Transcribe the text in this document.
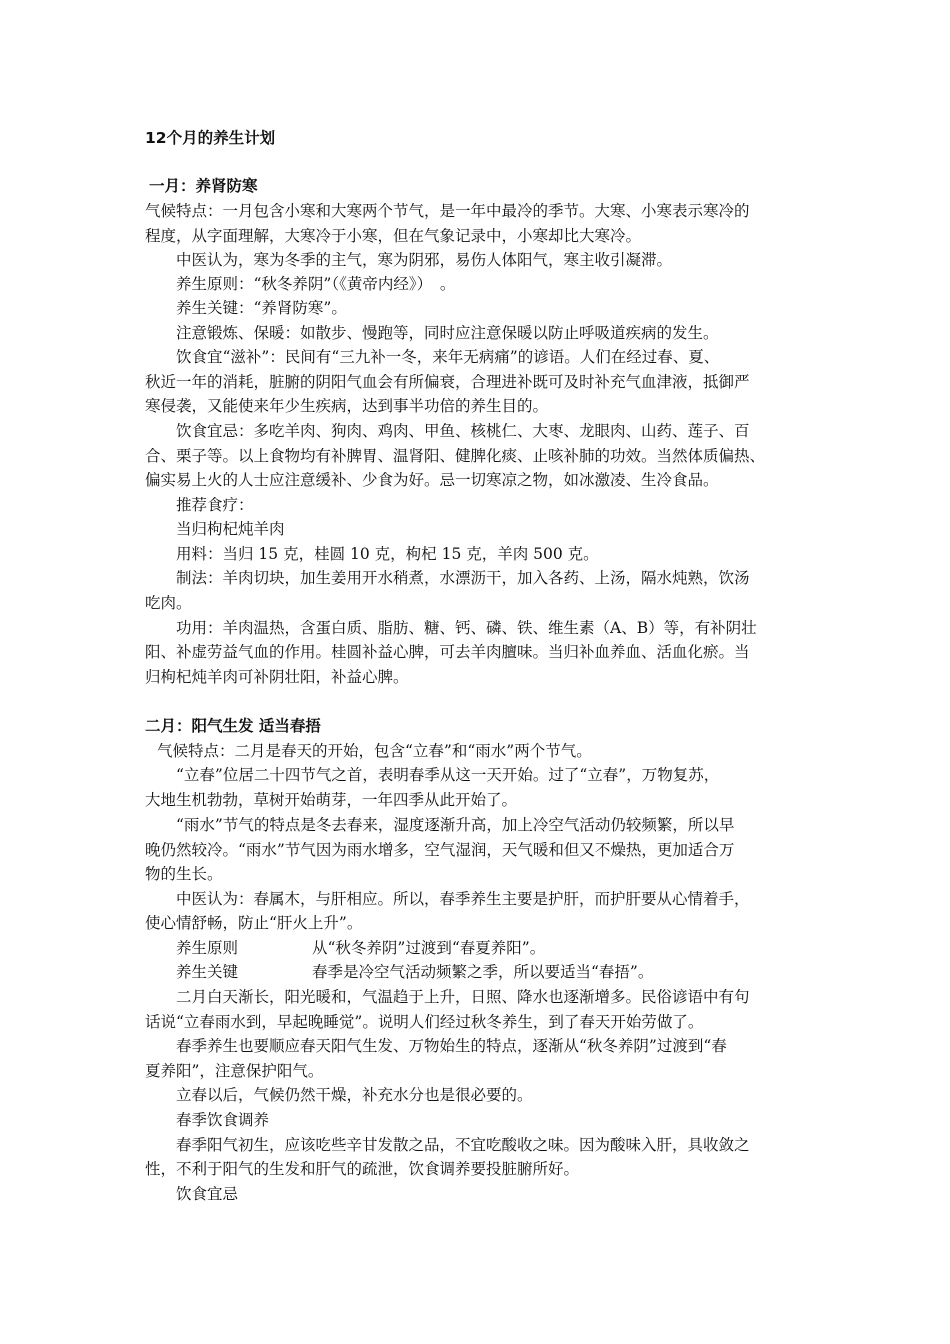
12个月的养生计划
一月：养肾防寒
气候特点：一月包含小寒和大寒两个节气，是一年中最冷的季节。大寒、小寒表示寒冷的
程度，从字面理解，大寒冷于小寒，但在气象记录中，小寒却比大寒冷。
中医认为，寒为冬季的主气，寒为阴邪，易伤人体阳气，寒主收引凝滞。
养生原则：“秋冬养阴”（《黄帝内经》）　。
养生关键：“养肾防寒”。
注意锻炼、保暖：如散步、慢跑等，同时应注意保暖以防止呼吸道疾病的发生。
饮食宜“滋补”：民间有“三九补一冬，来年无病痛”的谚语。人们在经过春、夏、
秋近一年的消耗，脏腑的阴阳气血会有所偏衰，合理进补既可及时补充气血津液，抵御严
寒侵袭，又能使来年少生疾病，达到事半功倍的养生目的。
饮食宜忌：多吃羊肉、狗肉、鸡肉、甲鱼、核桃仁、大枣、龙眼肉、山药、莲子、百
合、栗子等。以上食物均有补脾胃、温肾阳、健脾化痰、止咳补肺的功效。当然体质偏热、
偏实易上火的人士应注意缓补、少食为好。忌一切寒凉之物，如冰激凌、生冷食品。
推荐食疗：
当归枸杞炖羊肉
用料：当归 15 克，桂圆 10 克，枸杞 15 克，羊肉 500 克。
制法：羊肉切块，加生姜用开水稍煮，水漂沥干，加入各药、上汤，隔水炖熟，饮汤
吃肉。
功用：羊肉温热，含蛋白质、脂肪、糖、钙、磷、铁、维生素（A、B）等，有补阴壮
阳、补虚劳益气血的作用。桂圆补益心脾，可去羊肉膻味。当归补血养血、活血化瘀。当
归枸杞炖羊肉可补阴壮阳，补益心脾。
二月：阳气生发 适当春捂
气候特点：二月是春天的开始，包含“立春”和“雨水”两个节气。
“立春”位居二十四节气之首，表明春季从这一天开始。过了“立春”，万物复苏，
大地生机勃勃，草树开始萌芽，一年四季从此开始了。
“雨水”节气的特点是冬去春来，湿度逐渐升高，加上冷空气活动仍较频繁，所以早
晚仍然较冷。“雨水”节气因为雨水增多，空气湿润，天气暖和但又不燥热，更加适合万
物的生长。
中医认为：春属木，与肝相应。所以，春季养生主要是护肝，而护肝要从心情着手，
使心情舒畅，防止“肝火上升”。
养生原则	从“秋冬养阴”过渡到“春夏养阳”。
养生关键	春季是冷空气活动频繁之季，所以要适当“春捂”。
二月白天渐长，阳光暖和，气温趋于上升，日照、降水也逐渐增多。民俗谚语中有句
话说“立春雨水到，早起晚睡觉”。说明人们经过秋冬养生，到了春天开始劳做了。
春季养生也要顺应春天阳气生发、万物始生的特点，逐渐从“秋冬养阴”过渡到“春
夏养阳”，注意保护阳气。
立春以后，气候仍然干燥，补充水分也是很必要的。
春季饮食调养
春季阳气初生，应该吃些辛甘发散之品，不宜吃酸收之味。因为酸味入肝，具收敛之
性，不利于阳气的生发和肝气的疏泄，饮食调养要投脏腑所好。
饮食宜忌
